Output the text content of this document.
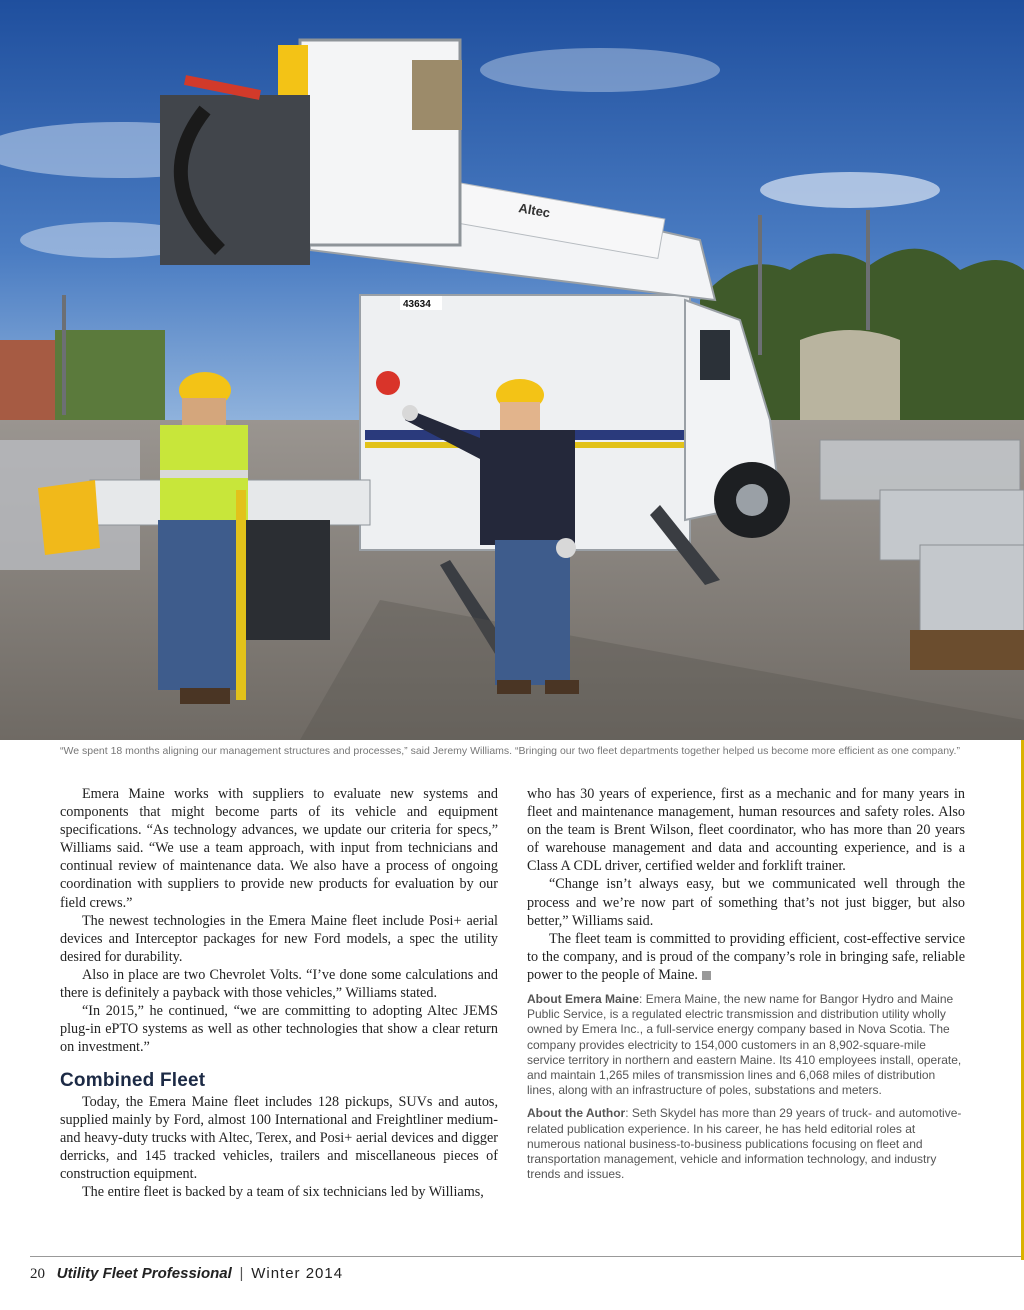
Altec
43634
“We spent 18 months aligning our management structures and processes,” said Jeremy Williams. “Bringing our two fleet departments together helped us become more efficient as one company.”

Emera Maine works with suppliers to evaluate new systems and components that might become parts of its vehicle and equipment specifications. “As technology advances, we update our criteria for specs,” Williams said. “We use a team approach, with input from technicians and continual review of maintenance data. We also have a process of ongoing coordination with suppliers to provide new products for evaluation by our field crews.”

The newest technologies in the Emera Maine fleet include Posi+ aerial devices and Interceptor packages for new Ford models, a spec the utility desired for durability.

Also in place are two Chevrolet Volts. “I’ve done some calculations and there is definitely a payback with those vehicles,” Williams stated.

“In 2015,” he continued, “we are committing to adopting Altec JEMS plug-in ePTO systems as well as other technologies that show a clear return on investment.”

Combined Fleet

Today, the Emera Maine fleet includes 128 pickups, SUVs and autos, supplied mainly by Ford, almost 100 International and Freightliner medium- and heavy-duty trucks with Altec, Terex, and Posi+ aerial devices and digger derricks, and 145 tracked vehicles, trailers and miscellaneous pieces of construction equipment.

The entire fleet is backed by a team of six technicians led by Williams,

who has 30 years of experience, first as a mechanic and for many years in fleet and maintenance management, human resources and safety roles. Also on the team is Brent Wilson, fleet coordinator, who has more than 20 years of warehouse management and data and accounting experience, and is a Class A CDL driver, certified welder and forklift trainer.

“Change isn’t always easy, but we communicated well through the process and we’re now part of something that’s not just bigger, but also better,” Williams said.

The fleet team is committed to providing efficient, cost-effective service to the company, and is proud of the company’s role in bringing safe, reliable power to the people of Maine.

About Emera Maine: Emera Maine, the new name for Bangor Hydro and Maine Public Service, is a regulated electric transmission and distribution utility wholly owned by Emera Inc., a full-service energy company based in Nova Scotia. The company provides electricity to 154,000 customers in an 8,902-square-mile service territory in northern and eastern Maine. Its 410 employees install, operate, and maintain 1,265 miles of transmission lines and 6,068 miles of distribution lines, along with an infrastructure of poles, substations and meters.
About the Author: Seth Skydel has more than 29 years of truck- and automotive-related publication experience. In his career, he has held editorial roles at numerous national business-to-business publications focusing on fleet and transportation management, vehicle and information technology, and industry trends and issues.
20 Utility Fleet Professional | Winter 2014
